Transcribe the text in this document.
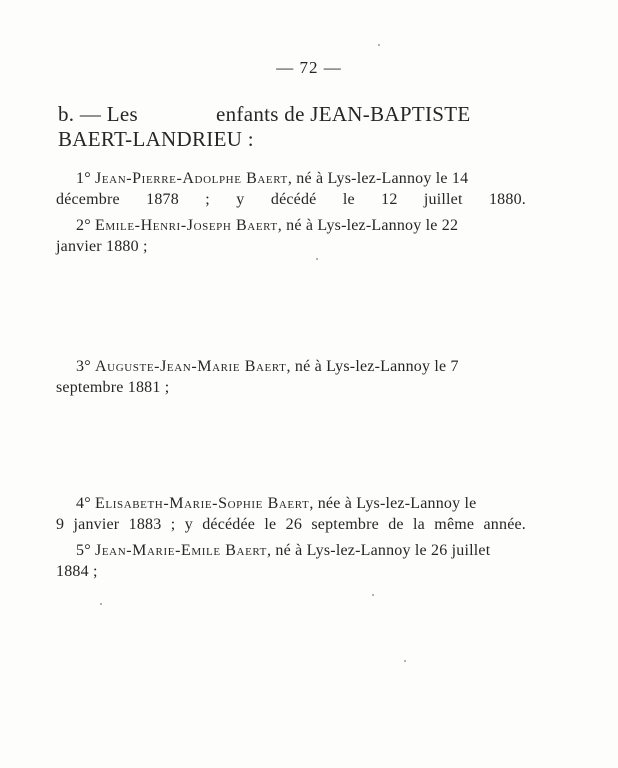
— 72 —
b. — Les	enfants de JEAN-BAPTISTE
BAERT-LANDRIEU :
1° Jean-Pierre-Adolphe Baert, né à Lys-lez-Lannoy le 14
décembre 1878 ; y décédé le 12 juillet 1880.
2° Emile-Henri-Joseph Baert, né à Lys-lez-Lannoy le 22
janvier 1880 ;
3° Auguste-Jean-Marie Baert, né à Lys-lez-Lannoy le 7
septembre 1881 ;
4° Elisabeth-Marie-Sophie Baert, née à Lys-lez-Lannoy le
9 janvier 1883 ; y décédée le 26 septembre de la même année.
5° Jean-Marie-Emile Baert, né à Lys-lez-Lannoy le 26 juillet
1884 ;
